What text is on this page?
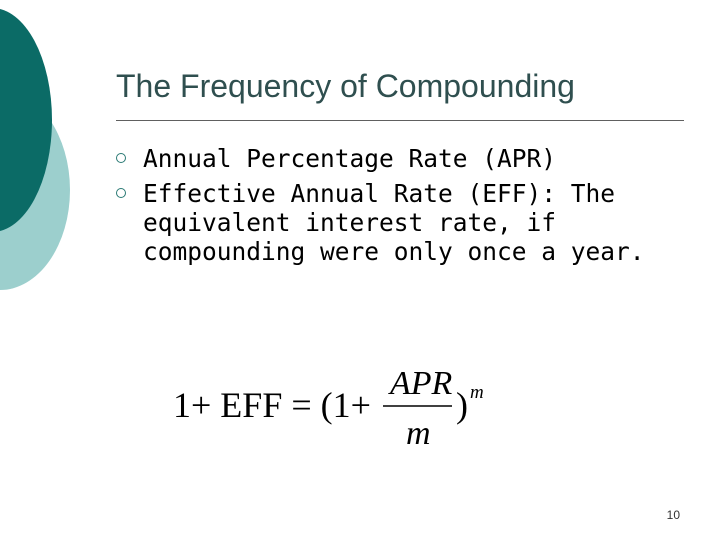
The Frequency of Compounding
Annual Percentage Rate (APR)
Effective Annual Rate (EFF): The equivalent interest rate, if compounding were only once a year.
1+ EFF = (1+
APR
m
) m
10
